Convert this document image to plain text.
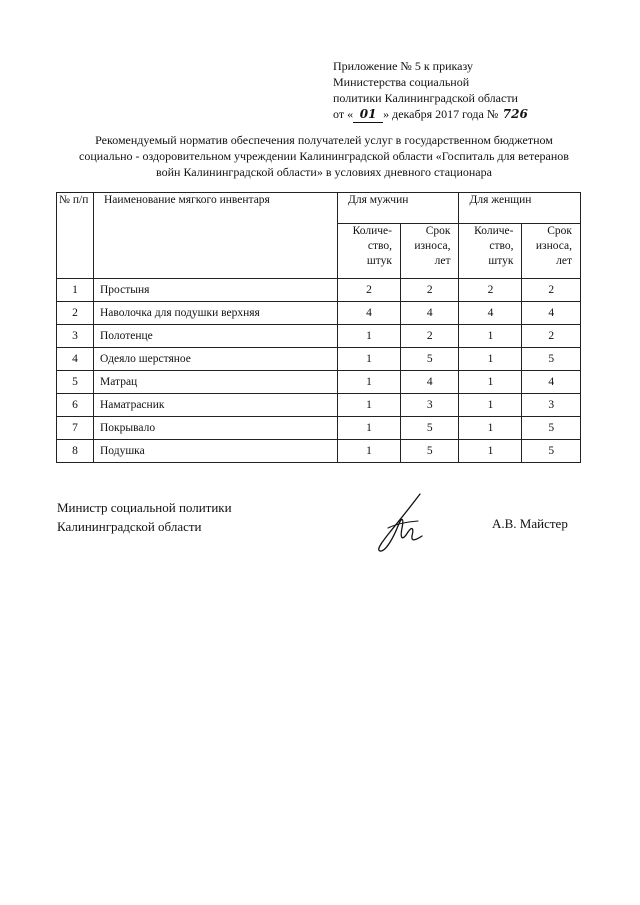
Приложение № 5 к приказу
Министерства социальной
политики Калининградской области
от « 01 » декабря 2017 года № 726
Рекомендуемый норматив обеспечения получателей услуг в государственном бюджетном
социально - оздоровительном учреждении Калининградской области «Госпиталь для ветеранов
войн Калининградской области» в условиях дневного стационара
№ п/п	Наименование мягкого инвентаря	Для мужчин		Для женщин	
		Количе-ство, штук	Срок износа, лет	Количе-ство, штук	Срок износа, лет
1	Простыня	2	2	2	2
2	Наволочка для подушки верхняя	4	4	4	4
3	Полотенце	1	2	1	2
4	Одеяло шерстяное	1	5	1	5
5	Матрац	1	4	1	4
6	Наматрасник	1	3	1	3
7	Покрывало	1	5	1	5
8	Подушка	1	5	1	5
Министр социальной политики
Калининградской области	А.В. Майстер
